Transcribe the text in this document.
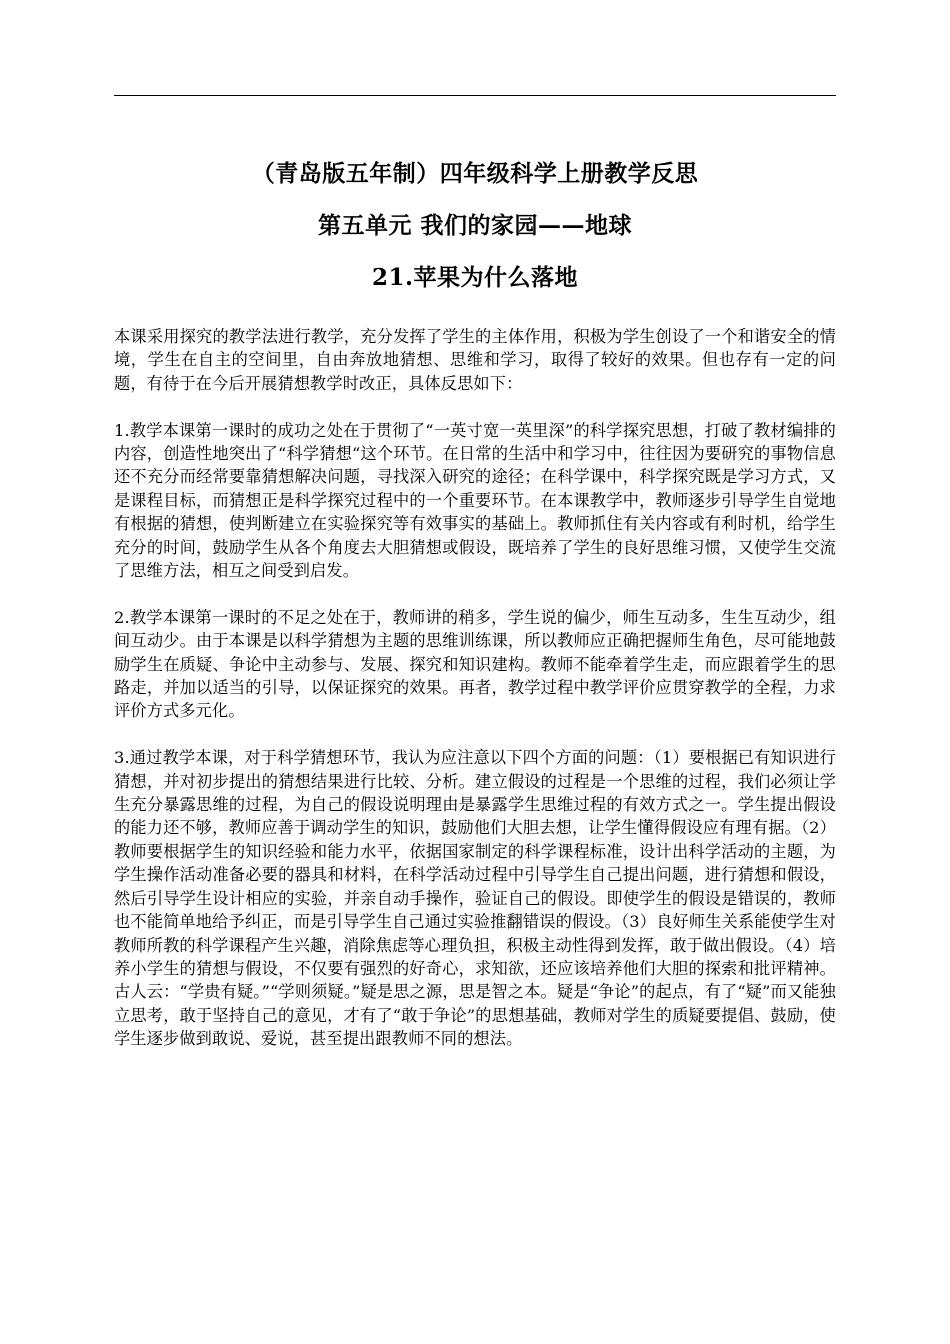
（青岛版五年制）四年级科学上册教学反思

第五单元 我们的家园——地球

21.苹果为什么落地

本课采用探究的教学法进行教学，充分发挥了学生的主体作用，积极为学生创设了一个和谐安全的情境，学生在自主的空间里，自由奔放地猜想、思维和学习，取得了较好的效果。但也存有一定的问题，有待于在今后开展猜想教学时改正，具体反思如下：

1.教学本课第一课时的成功之处在于贯彻了“一英寸宽一英里深”的科学探究思想，打破了教材编排的内容，创造性地突出了“科学猜想“这个环节。在日常的生活中和学习中，往往因为要研究的事物信息还不充分而经常要靠猜想解决问题，寻找深入研究的途径；在科学课中，科学探究既是学习方式，又是课程目标，而猜想正是科学探究过程中的一个重要环节。在本课教学中，教师逐步引导学生自觉地有根据的猜想，使判断建立在实验探究等有效事实的基础上。教师抓住有关内容或有利时机，给学生充分的时间，鼓励学生从各个角度去大胆猜想或假设，既培养了学生的良好思维习惯，又使学生交流了思维方法，相互之间受到启发。

2.教学本课第一课时的不足之处在于，教师讲的稍多，学生说的偏少，师生互动多，生生互动少，组间互动少。由于本课是以科学猜想为主题的思维训练课，所以教师应正确把握师生角色，尽可能地鼓励学生在质疑、争论中主动参与、发展、探究和知识建构。教师不能牵着学生走，而应跟着学生的思路走，并加以适当的引导，以保证探究的效果。再者，教学过程中教学评价应贯穿教学的全程，力求评价方式多元化。

3.通过教学本课，对于科学猜想环节，我认为应注意以下四个方面的问题：（1）要根据已有知识进行猜想，并对初步提出的猜想结果进行比较、分析。建立假设的过程是一个思维的过程，我们必须让学生充分暴露思维的过程，为自己的假设说明理由是暴露学生思维过程的有效方式之一。学生提出假设的能力还不够，教师应善于调动学生的知识，鼓励他们大胆去想，让学生懂得假设应有理有据。（2）教师要根据学生的知识经验和能力水平，依据国家制定的科学课程标准，设计出科学活动的主题，为学生操作活动准备必要的器具和材料，在科学活动过程中引导学生自己提出问题，进行猜想和假设，然后引导学生设计相应的实验，并亲自动手操作，验证自己的假设。即使学生的假设是错误的，教师也不能简单地给予纠正，而是引导学生自己通过实验推翻错误的假设。（3）良好师生关系能使学生对教师所教的科学课程产生兴趣，消除焦虑等心理负担，积极主动性得到发挥，敢于做出假设。（4）培养小学生的猜想与假设，不仅要有强烈的好奇心，求知欲，还应该培养他们大胆的探索和批评精神。古人云：“学贵有疑。”“学则须疑。”疑是思之源，思是智之本。疑是“争论”的起点，有了“疑”而又能独立思考，敢于坚持自己的意见，才有了“敢于争论”的思想基础，教师对学生的质疑要提倡、鼓励，使学生逐步做到敢说、爱说，甚至提出跟教师不同的想法。
